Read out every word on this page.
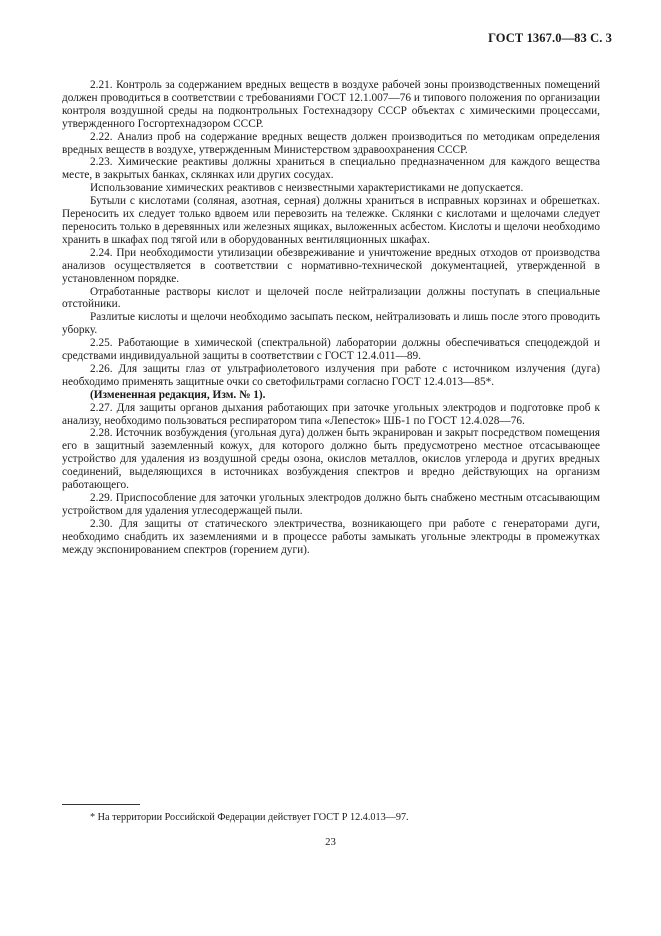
ГОСТ 1367.0—83 С. 3

2.21. Контроль за содержанием вредных веществ в воздухе рабочей зоны производственных помещений должен проводиться в соответствии с требованиями ГОСТ 12.1.007—76 и типового положения по организации контроля воздушной среды на подконтрольных Гостехнадзору СССР объектах с химическими процессами, утвержденного Госгортехнадзором СССР.

2.22. Анализ проб на содержание вредных веществ должен производиться по методикам определения вредных веществ в воздухе, утвержденным Министерством здравоохранения СССР.

2.23. Химические реактивы должны храниться в специально предназначенном для каждого вещества месте, в закрытых банках, склянках или других сосудах.

Использование химических реактивов с неизвестными характеристиками не допускается.

Бутыли с кислотами (соляная, азотная, серная) должны храниться в исправных корзинах и обрешетках. Переносить их следует только вдвоем или перевозить на тележке. Склянки с кислотами и щелочами следует переносить только в деревянных или железных ящиках, выложенных асбестом. Кислоты и щелочи необходимо хранить в шкафах под тягой или в оборудованных вентиляционных шкафах.

2.24. При необходимости утилизации обезвреживание и уничтожение вредных отходов от производства анализов осуществляется в соответствии с нормативно-технической документацией, утвержденной в установленном порядке.

Отработанные растворы кислот и щелочей после нейтрализации должны поступать в специальные отстойники.

Разлитые кислоты и щелочи необходимо засыпать песком, нейтрализовать и лишь после этого проводить уборку.

2.25. Работающие в химической (спектральной) лаборатории должны обеспечиваться спецодеждой и средствами индивидуальной защиты в соответствии с ГОСТ 12.4.011—89.

2.26. Для защиты глаз от ультрафиолетового излучения при работе с источником излучения (дуга) необходимо применять защитные очки со светофильтрами согласно ГОСТ 12.4.013—85*.

(Измененная редакция, Изм. № 1).

2.27. Для защиты органов дыхания работающих при заточке угольных электродов и подготовке проб к анализу, необходимо пользоваться респиратором типа «Лепесток» ШБ-1 по ГОСТ 12.4.028—76.

2.28. Источник возбуждения (угольная дуга) должен быть экранирован и закрыт посредством помещения его в защитный заземленный кожух, для которого должно быть предусмотрено местное отсасывающее устройство для удаления из воздушной среды озона, окислов металлов, окислов углерода и других вредных соединений, выделяющихся в источниках возбуждения спектров и вредно действующих на организм работающего.

2.29. Приспособление для заточки угольных электродов должно быть снабжено местным отсасывающим устройством для удаления углесодержащей пыли.

2.30. Для защиты от статического электричества, возникающего при работе с генераторами дуги, необходимо снабдить их заземлениями и в процессе работы замыкать угольные электроды в промежутках между экспонированием спектров (горением дуги).

* На территории Российской Федерации действует ГОСТ Р 12.4.013—97.
23
